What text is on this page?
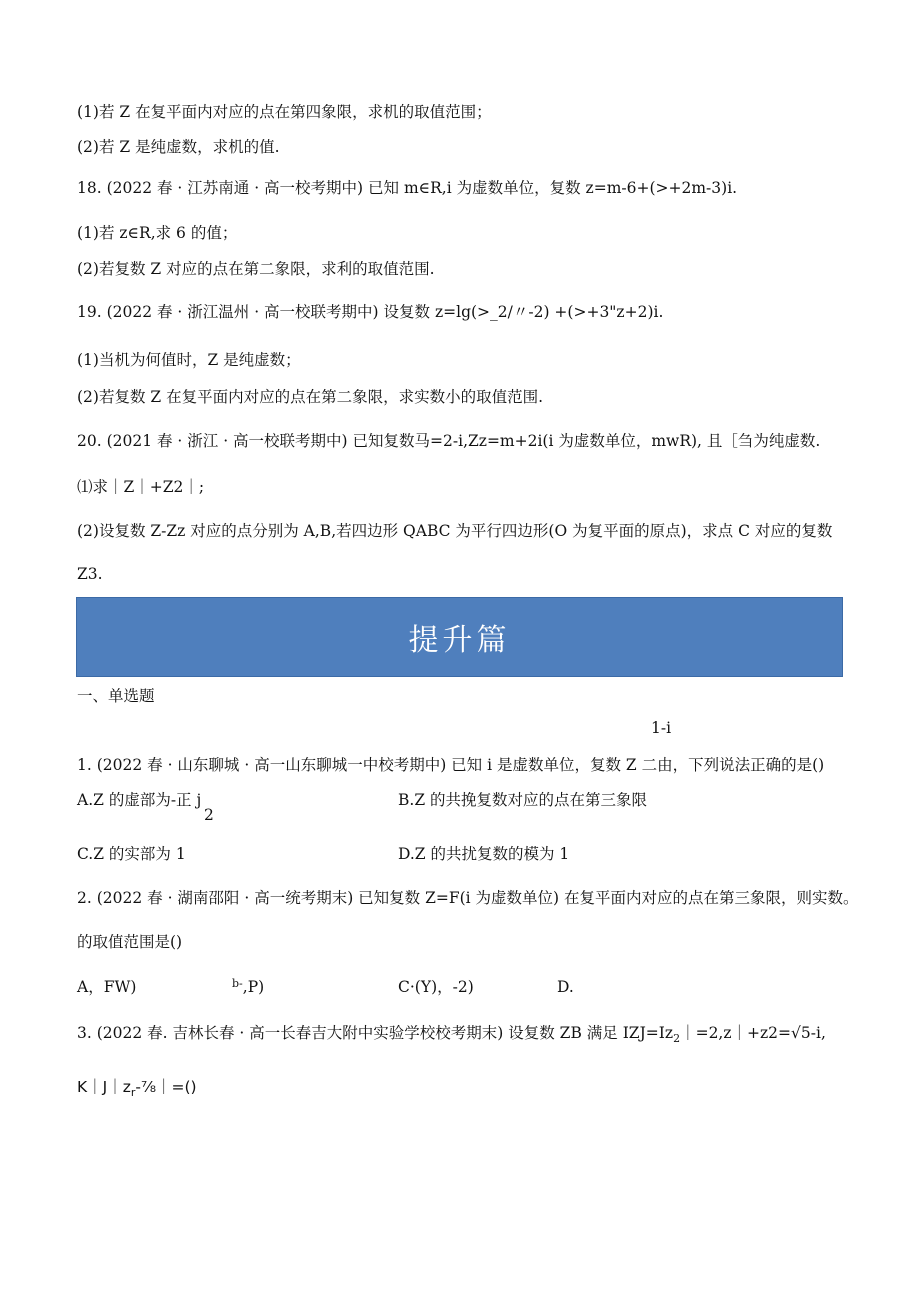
(1)若 Z 在复平面内对应的点在第四象限，求机的取值范围；
(2)若 Z 是纯虚数，求机的值.
18. (2022 春 · 江苏南通 · 高一校考期中) 已知 m∈R,i 为虚数单位，复数 z=m-6+(>+2m-3)i.
(1)若 z∈R,求 6 的值；
(2)若复数 Z 对应的点在第二象限，求利的取值范围.
19. (2022 春 · 浙江温州 · 高一校联考期中) 设复数 z=lg(>_2/〃-2) +(>+3"z+2)i.
(1)当机为何值时，Z 是纯虚数；
(2)若复数 Z 在复平面内对应的点在第二象限，求实数小的取值范围.
20. (2021 春 · 浙江 · 高一校联考期中) 已知复数马=2-i,Zz=m+2i(i 为虚数单位，mwR), 且［刍为纯虚数.
⑴求｜Z｜+Z2｜;
(2)设复数 Z-Zz 对应的点分别为 A,B,若四边形 QABC 为平行四边形(O 为复平面的原点)，求点 C 对应的复数
Z3.
提升篇
一、单选题
1-i
1. (2022 春 · 山东聊城 · 高一山东聊城一中校考期中) 已知 i 是虚数单位，复数 Z 二由，下列说法正确的是()
A.Z 的虚部为-正 j
2
B.Z 的共挽复数对应的点在第三象限
C.Z 的实部为 1	D.Z 的共扰复数的模为 1
2. (2022 春 · 湖南邵阳 · 高一统考期末) 已知复数 Z=F(i 为虚数单位) 在复平面内对应的点在第三象限，则实数。
的取值范围是()
A，FW)	$^{b-}$,P)	C·(Y)，-2)	D.
3. (2022 春. 吉林长春 · 高一长春吉大附中实验学校校考期末) 设复数 ZB 满足 $IZJ=Iz_2|=2,z|+z2=√5-i$,
$K|J|z_r-\frac{7}{8}|=()$
